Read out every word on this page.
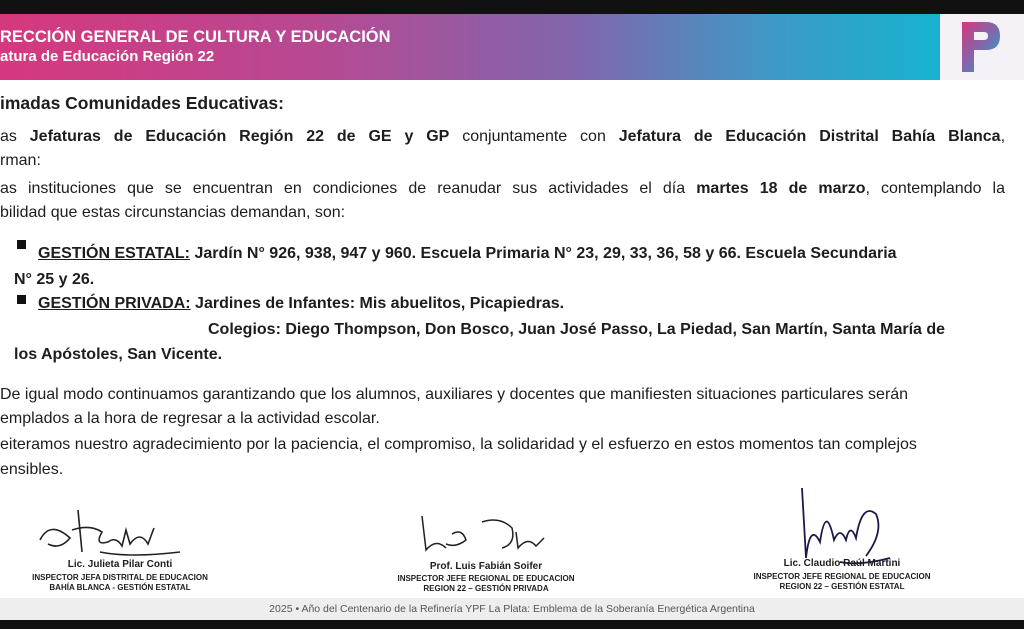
RECCIÓN GENERAL DE CULTURA Y EDUCACIÓN
atura de Educación Región 22
imadas Comunidades Educativas:
as Jefaturas de Educación Región 22 de GE y GP conjuntamente con Jefatura de Educación Distrital Bahía Blanca,
rman:
as instituciones que se encuentran en condiciones de reanudar sus actividades el día martes 18 de marzo, contemplando la
bilidad que estas circunstancias demandan, son:
GESTIÓN ESTATAL: Jardín N° 926, 938, 947 y 960. Escuela Primaria N° 23, 29, 33, 36, 58 y 66. Escuela Secundaria
N° 25 y 26.
GESTIÓN PRIVADA: Jardines de Infantes: Mis abuelitos, Picapiedras.
Colegios: Diego Thompson, Don Bosco, Juan José Passo, La Piedad, San Martín, Santa María de
los Apóstoles, San Vicente.
De igual modo continuamos garantizando que los alumnos, auxiliares y docentes que manifiesten situaciones particulares serán
emplados a la hora de regresar a la actividad escolar.
eiteramos nuestro agradecimiento por la paciencia, el compromiso, la solidaridad y el esfuerzo en estos momentos tan complejos
ensibles.
Lic. Julieta Pilar Conti
INSPECTOR JEFA DISTRITAL DE EDUCACION
BAHÍA BLANCA - GESTIÓN ESTATAL
Prof. Luis Fabián Soifer
INSPECTOR JEFE REGIONAL DE EDUCACION
REGION 22 – GESTIÓN PRIVADA
Lic. Claudio Raúl Martini
INSPECTOR JEFE REGIONAL DE EDUCACION
REGION 22 – GESTIÓN ESTATAL
2025 • Año del Centenario de la Refinería YPF La Plata: Emblema de la Soberanía Energética Argentina
